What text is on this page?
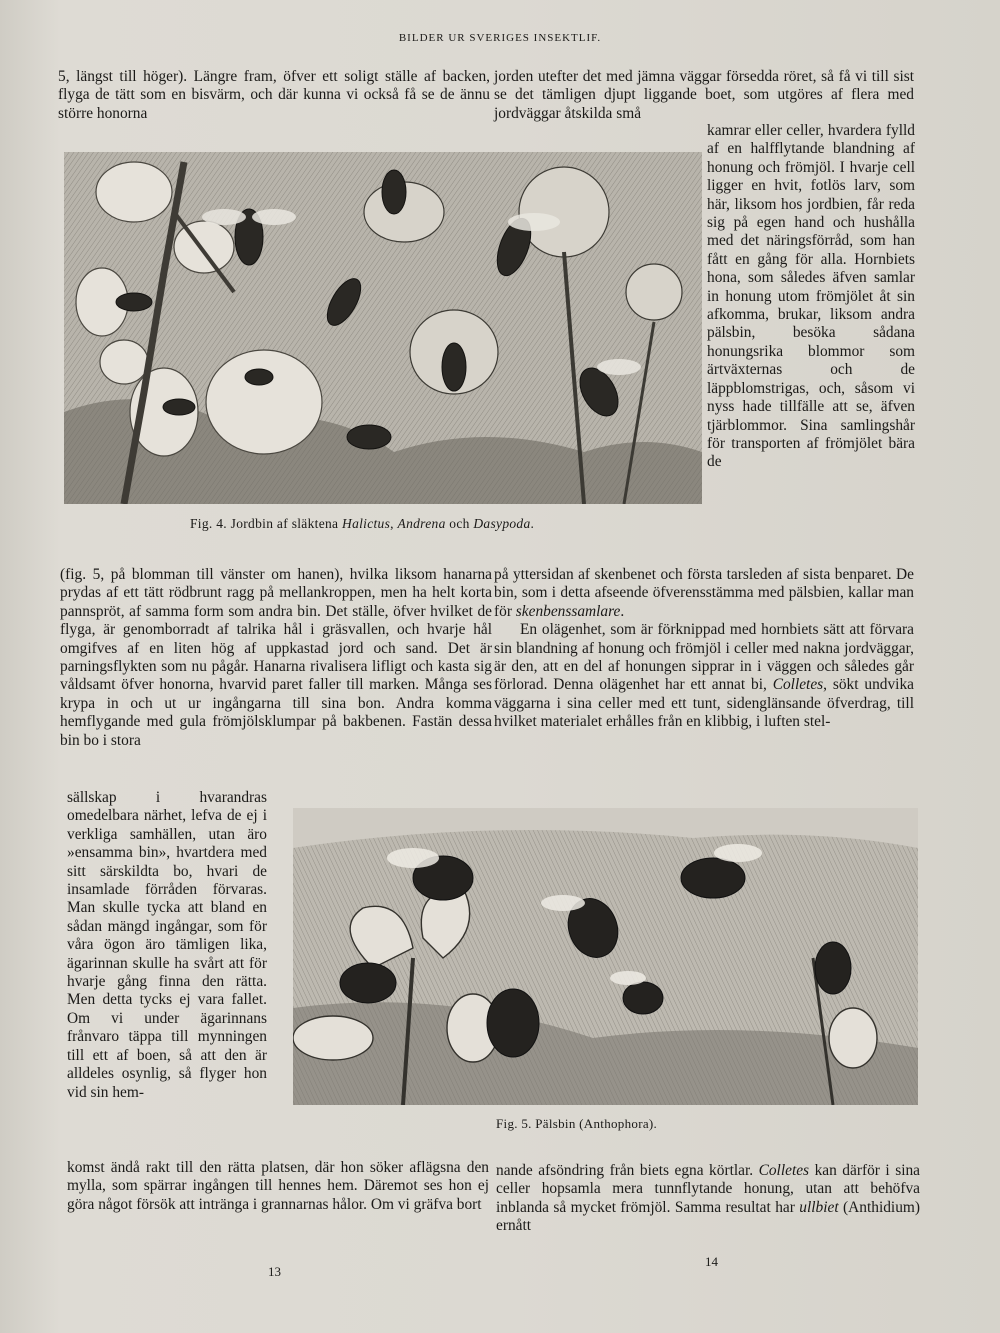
BILDER UR SVERIGES INSEKTLIF.
Fig. 4. Jordbin af släktena Halictus, Andrena och Dasypoda.

5, längst till höger). Längre fram, öfver ett soligt ställe af backen, flyga de tätt som en bisvärm, och där kunna vi också få se de ännu större honorna

jorden utefter det med jämna väggar försedda röret, så få vi till sist se det tämligen djupt liggande boet, som utgöres af flera med jordväggar åtskilda små

kamrar eller celler, hvardera fylld af en halfflytande blandning af honung och frömjöl. I hvarje cell ligger en hvit, fotlös larv, som här, liksom hos jordbien, får reda sig på egen hand och hushålla med det näringsförråd, som han fått en gång för alla. Hornbiets hona, som således äfven samlar in honung utom frömjölet åt sin afkomma, brukar, liksom andra pälsbin, besöka sådana honungsrika blommor som ärtväxternas och de läppblomstrigas, och, såsom vi nyss hade tillfälle att se, äfven tjärblommor. Sina samlingshår för transporten af frömjölet bära de

(fig. 5, på blomman till vänster om hanen), hvilka liksom hanarna prydas af ett tätt rödbrunt ragg på mellankroppen, men ha helt korta pannspröt, af samma form som andra bin. Det ställe, öfver hvilket de flyga, är genomborradt af talrika hål i gräsvallen, och hvarje hål omgifves af en liten hög af uppkastad jord och sand. Det är parningsflykten som nu pågår. Hanarna rivalisera lifligt och kasta sig våldsamt öfver honorna, hvarvid paret faller till marken. Många ses krypa in och ut ur ingångarna till sina bon. Andra komma hemflygande med gula frömjölsklumpar på bakbenen. Fastän dessa bin bo i stora

på yttersidan af skenbenet och första tarsleden af sista benparet. De bin, som i detta afseende öfverensstämma med pälsbien, kallar man för skenbenssamlare.

En olägenhet, som är förknippad med hornbiets sätt att förvara sin blandning af honung och frömjöl i celler med nakna jordväggar, är den, att en del af honungen sipprar in i väggen och således går förlorad. Denna olägenhet har ett annat bi, Colletes, sökt undvika väggarna i sina celler med ett tunt, sidenglänsande öfverdrag, till hvilket materialet erhålles från en klibbig, i luften stel-

sällskap i hvarandras omedelbara närhet, lefva de ej i verkliga samhällen, utan äro »ensamma bin», hvartdera med sitt särskildta bo, hvari de insamlade förråden förvaras. Man skulle tycka att bland en sådan mängd ingångar, som för våra ögon äro tämligen lika, ägarinnan skulle ha svårt att för hvarje gång finna den rätta. Men detta tycks ej vara fallet. Om vi under ägarinnans frånvaro täppa till mynningen till ett af boen, så att den är alldeles osynlig, så flyger hon vid sin hem-

Fig. 5. Pälsbin (Anthophora).

komst ändå rakt till den rätta platsen, där hon söker aflägsna den mylla, som spärrar ingången till hennes hem. Däremot ses hon ej göra något försök att intränga i grannarnas hålor. Om vi gräfva bort

nande afsöndring från biets egna körtlar. Colletes kan därför i sina celler hopsamla mera tunnflytande honung, utan att behöfva inblanda så mycket frömjöl. Samma resultat har ullbiet (Anthidium) ernått

13
14
